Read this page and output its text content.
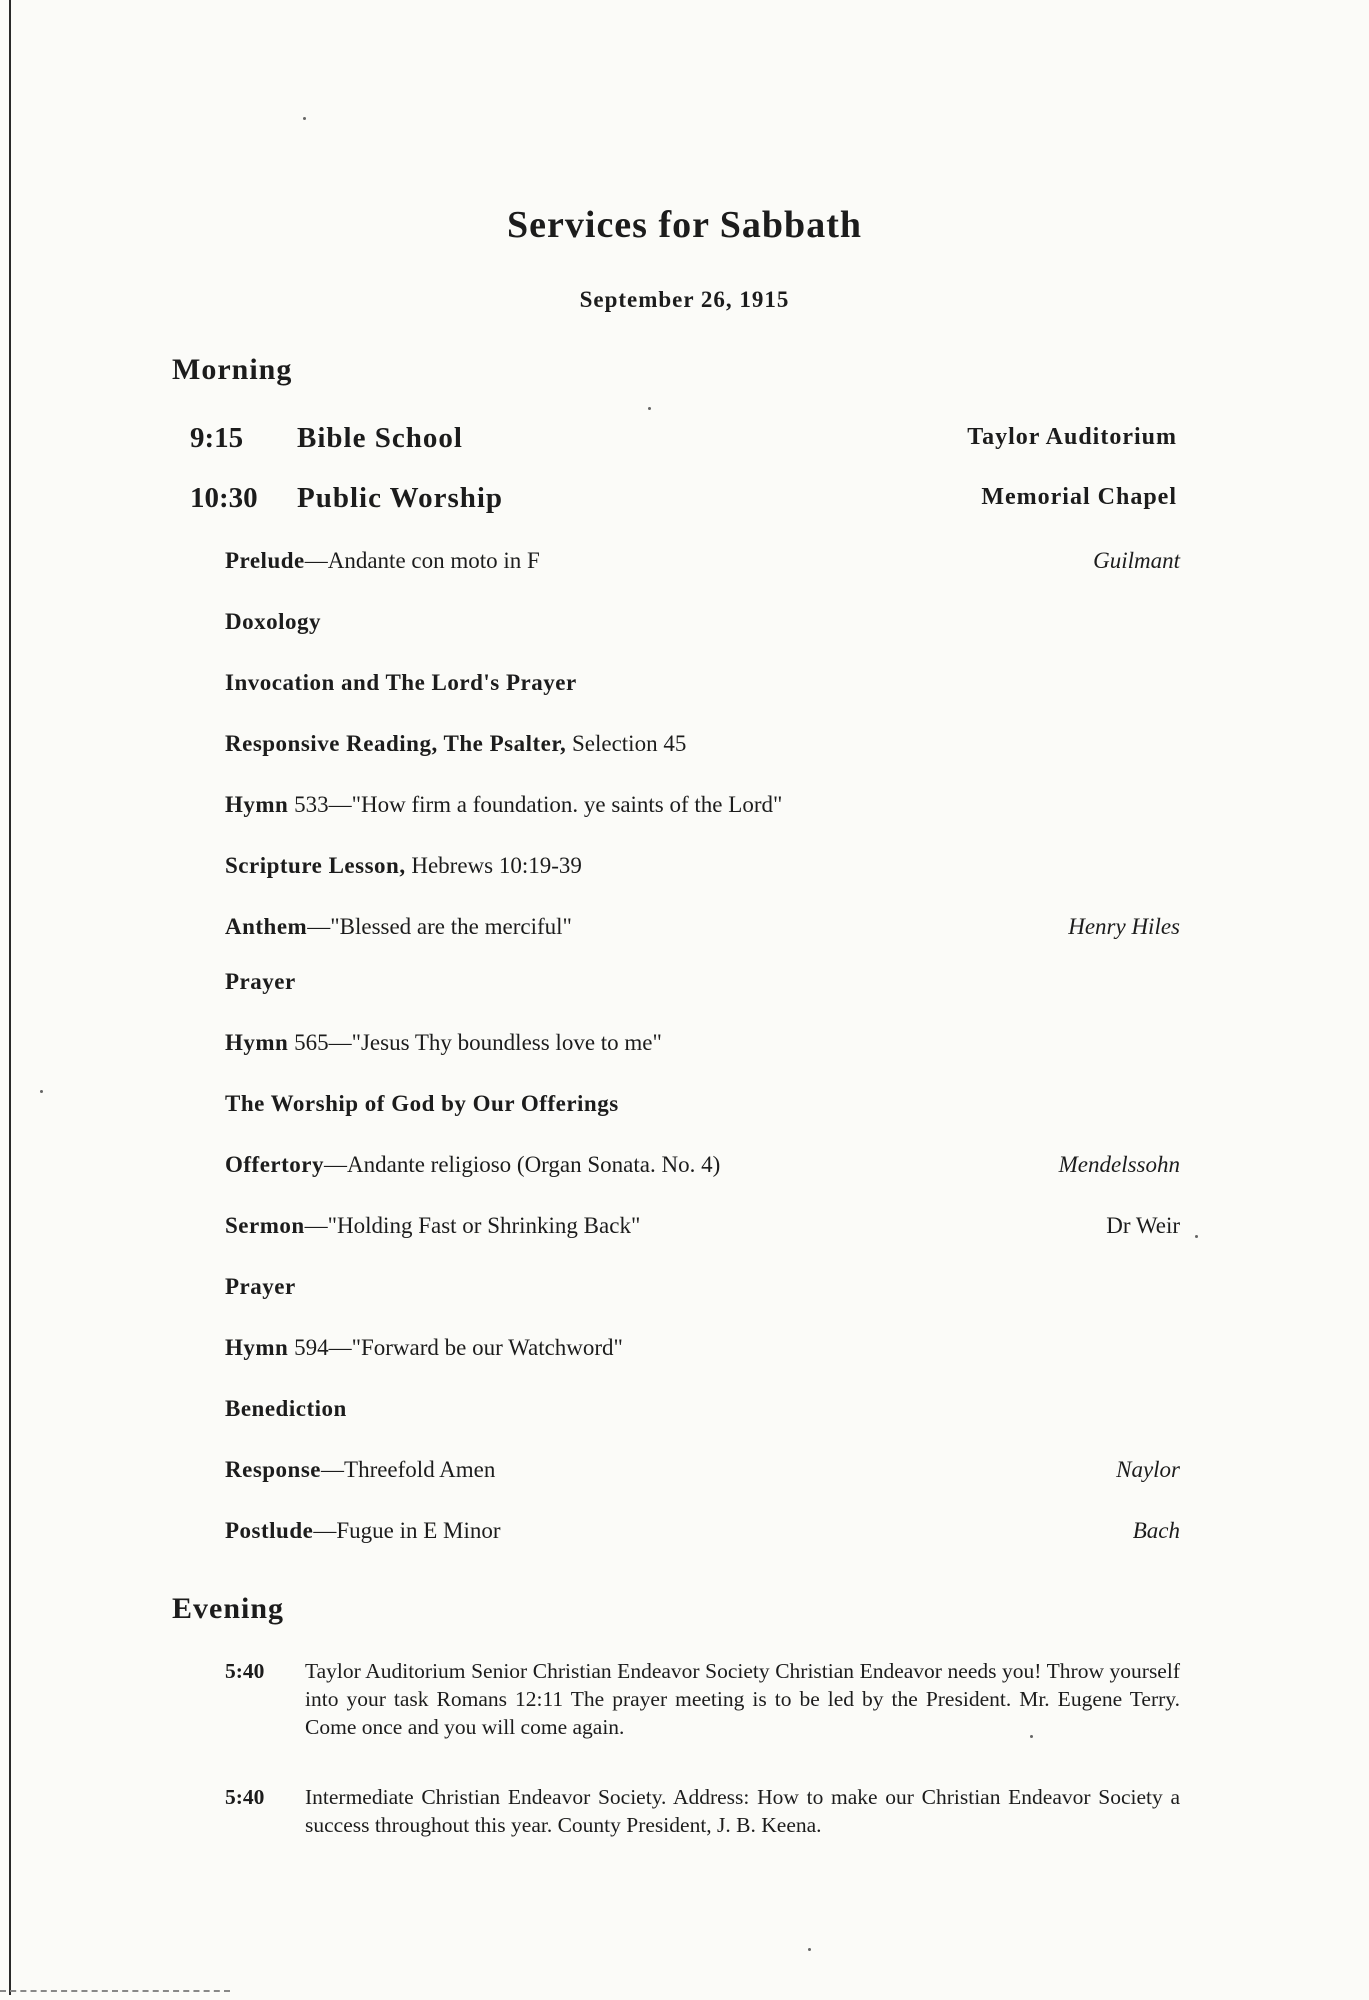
Services for Sabbath
September 26, 1915
Morning
9:15 Bible School	Taylor Auditorium
10:30 Public Worship	Memorial Chapel
Prelude—Andante con moto in F	Guilmant
Doxology
Invocation and The Lord's Prayer
Responsive Reading, The Psalter, Selection 45
Hymn 533—"How firm a foundation. ye saints of the Lord"
Scripture Lesson, Hebrews 10:19-39
Anthem—"Blessed are the merciful"	Henry Hiles
Prayer
Hymn 565—"Jesus Thy boundless love to me"
The Worship of God by Our Offerings
Offertory—Andante religioso (Organ Sonata. No. 4)	Mendelssohn
Sermon—"Holding Fast or Shrinking Back"	Dr Weir
Prayer
Hymn 594—"Forward be our Watchword"
Benediction
Response—Threefold Amen	Naylor
Postlude—Fugue in E Minor	Bach
Evening
5:40 Taylor Auditorium Senior Christian Endeavor Society Christian Endeavor needs you! Throw yourself into your task Romans 12:11 The prayer meeting is to be led by the President. Mr. Eugene Terry. Come once and you will come again.
5:40 Intermediate Christian Endeavor Society. Address: How to make our Christian Endeavor Society a success throughout this year. County President, J. B. Keena.
